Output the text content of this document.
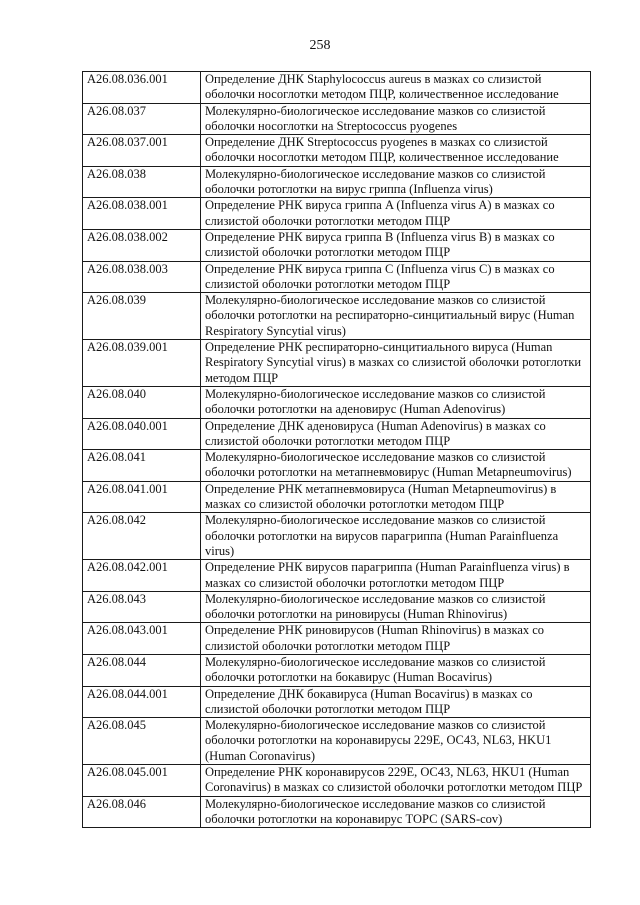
258
A26.08.036.001	Определение ДНК Staphylococcus aureus в мазках со слизистой оболочки носоглотки методом ПЦР, количественное исследование
A26.08.037	Молекулярно-биологическое исследование мазков со слизистой оболочки носоглотки на Streptococcus pyogenes
A26.08.037.001	Определение ДНК Streptococcus pyogenes в мазках со слизистой оболочки носоглотки методом ПЦР, количественное исследование
A26.08.038	Молекулярно-биологическое исследование мазков со слизистой оболочки ротоглотки на вирус гриппа (Influenza virus)
A26.08.038.001	Определение РНК вируса гриппа A (Influenza virus A) в мазках со слизистой оболочки ротоглотки методом ПЦР
A26.08.038.002	Определение РНК вируса гриппа B (Influenza virus B) в мазках со слизистой оболочки ротоглотки методом ПЦР
A26.08.038.003	Определение РНК вируса гриппа C (Influenza virus C) в мазках со слизистой оболочки ротоглотки методом ПЦР
A26.08.039	Молекулярно-биологическое исследование мазков со слизистой оболочки ротоглотки на респираторно-синцитиальный вирус (Human Respiratory Syncytial virus)
A26.08.039.001	Определение РНК респираторно-синцитиального вируса (Human Respiratory Syncytial virus) в мазках со слизистой оболочки ротоглотки методом ПЦР
A26.08.040	Молекулярно-биологическое исследование мазков со слизистой оболочки ротоглотки на аденовирус (Human Adenovirus)
A26.08.040.001	Определение ДНК аденовируса (Human Adenovirus) в мазках со слизистой оболочки ротоглотки методом ПЦР
A26.08.041	Молекулярно-биологическое исследование мазков со слизистой оболочки ротоглотки на метапневмовирус (Human Metapneumovirus)
A26.08.041.001	Определение РНК метапневмовируса (Human Metapneumovirus) в мазках со слизистой оболочки ротоглотки методом ПЦР
A26.08.042	Молекулярно-биологическое исследование мазков со слизистой оболочки ротоглотки на вирусов парагриппа (Human Parainfluenza virus)
A26.08.042.001	Определение РНК вирусов парагриппа (Human Parainfluenza virus) в мазках со слизистой оболочки ротоглотки методом ПЦР
A26.08.043	Молекулярно-биологическое исследование мазков со слизистой оболочки ротоглотки на риновирусы (Human Rhinovirus)
A26.08.043.001	Определение РНК риновирусов (Human Rhinovirus) в мазках со слизистой оболочки ротоглотки методом ПЦР
A26.08.044	Молекулярно-биологическое исследование мазков со слизистой оболочки ротоглотки на бокавирус (Human Bocavirus)
A26.08.044.001	Определение ДНК бокавируса (Human Bocavirus) в мазках со слизистой оболочки ротоглотки методом ПЦР
A26.08.045	Молекулярно-биологическое исследование мазков со слизистой оболочки ротоглотки на коронавирусы 229E, OC43, NL63, HKU1 (Human Coronavirus)
A26.08.045.001	Определение РНК коронавирусов 229E, OC43, NL63, HKU1 (Human Coronavirus) в мазках со слизистой оболочки ротоглотки методом ПЦР
A26.08.046	Молекулярно-биологическое исследование мазков со слизистой оболочки ротоглотки на коронавирус ТОРС (SARS-cov)
